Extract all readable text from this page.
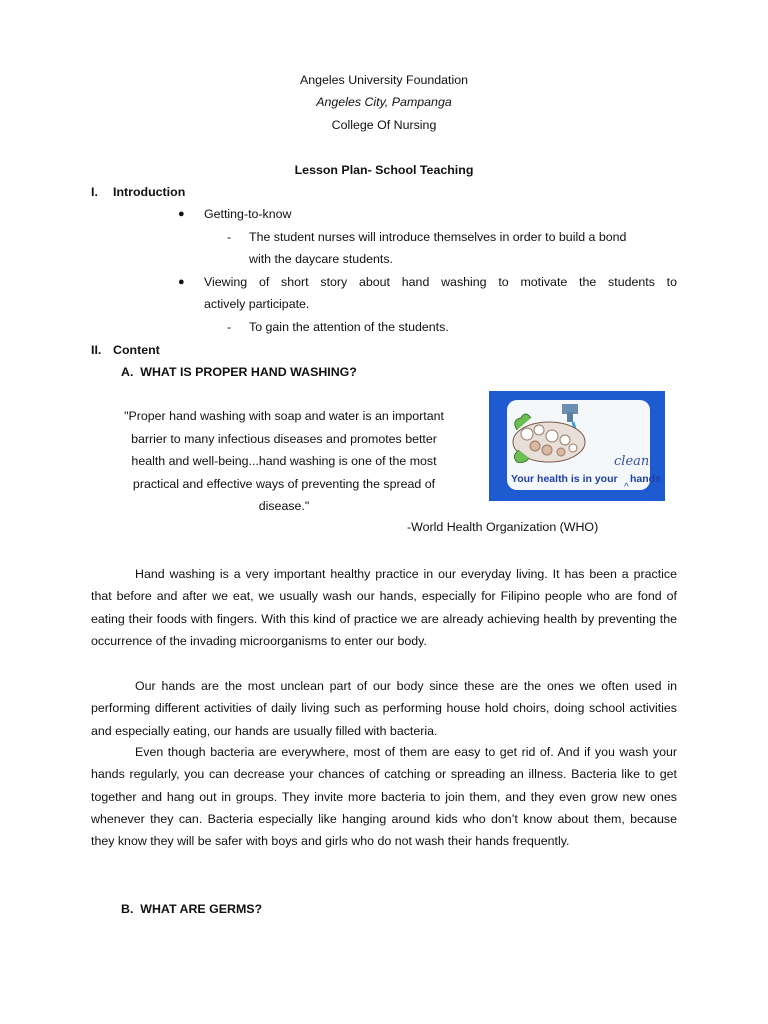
Angeles University Foundation
Angeles City, Pampanga
College Of Nursing
Lesson Plan- School Teaching
I. Introduction
● Getting-to-know
- The student nurses will introduce themselves in order to build a bond
with the daycare students.
● Viewing of short story about hand washing to motivate the students to
actively participate.
- To gain the attention of the students.
II. Content
A.  WHAT IS PROPER HAND WASHING?
"Proper hand washing with soap and water is an important
barrier to many infectious diseases and promotes better
health and well-being...hand washing is one of the most
practical and effective ways of preventing the spread of
disease."
clean
Your health is in your hands
^
-World Health Organization (WHO)
Hand washing is a very important healthy practice in our everyday living. It has been a practice that before and after we eat, we usually wash our hands, especially for Filipino people who are fond of eating their foods with fingers. With this kind of practice we are already achieving health by preventing the occurrence of the invading microorganisms to enter our body.
Our hands are the most unclean part of our body since these are the ones we often used in performing different activities of daily living such as performing house hold choirs, doing school activities and especially eating, our hands are usually filled with bacteria.
Even though bacteria are everywhere, most of them are easy to get rid of. And if you wash your hands regularly, you can decrease your chances of catching or spreading an illness. Bacteria like to get together and hang out in groups. They invite more bacteria to join them, and they even grow new ones whenever they can. Bacteria especially like hanging around kids who don’t know about them, because they know they will be safer with boys and girls who do not wash their hands frequently.
B.  WHAT ARE GERMS?
